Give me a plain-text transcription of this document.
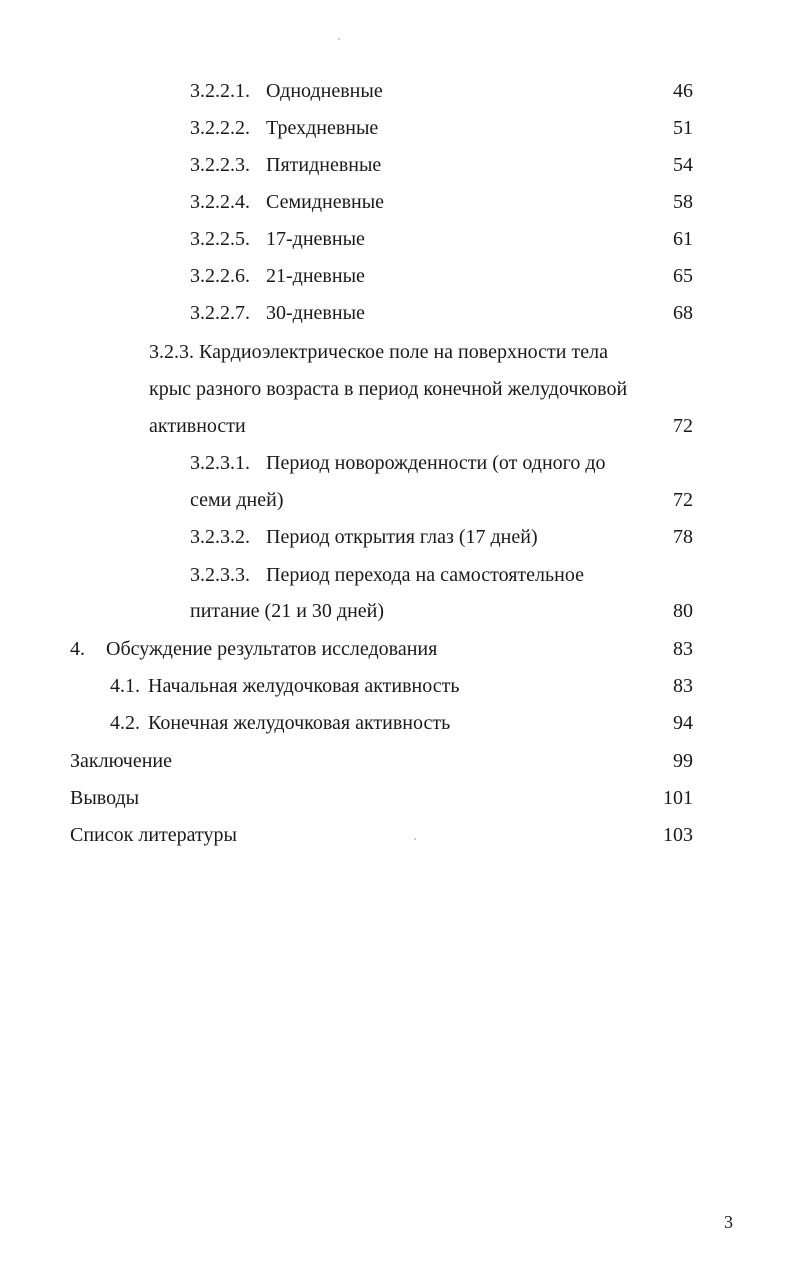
3.2.2.1. Однодневные	46
3.2.2.2. Трехдневные	51
3.2.2.3. Пятидневные	54
3.2.2.4. Семидневные	58
3.2.2.5. 17-дневные	61
3.2.2.6. 21-дневные	65
3.2.2.7. 30-дневные	68
3.2.3. Кардиоэлектрическое поле на поверхности тела
крыс разного возраста в период конечной желудочковой
активности	72
3.2.3.1. Период новорожденности (от одного до
семи дней)	72
3.2.3.2. Период открытия глаз (17 дней)	78
3.2.3.3. Период перехода на самостоятельное
питание (21 и 30 дней)	80
4. Обсуждение результатов исследования	83
4.1. Начальная желудочковая активность	83
4.2. Конечная желудочковая активность	94
Заключение	99
Выводы	101
Список литературы	103
3
